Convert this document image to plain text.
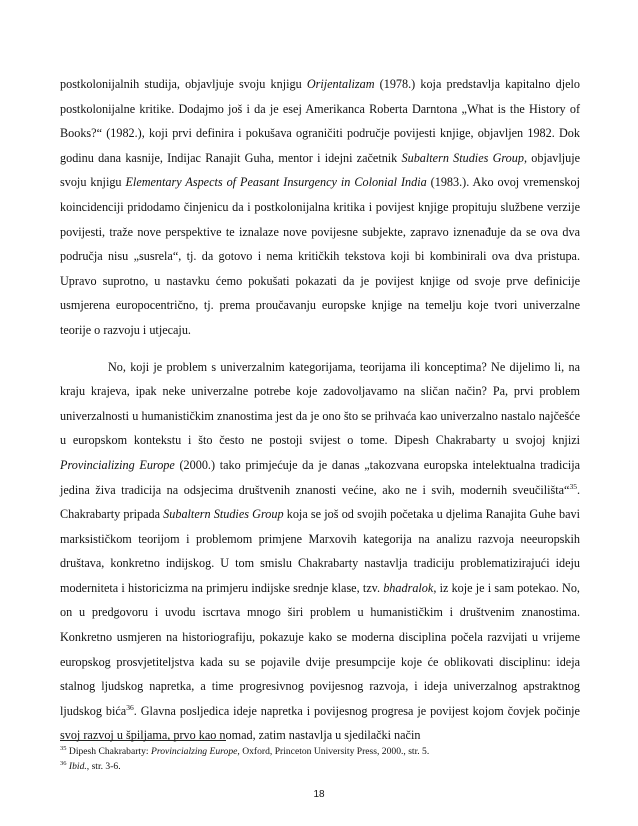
postkolonijalnih studija, objavljuje svoju knjigu Orijentalizam (1978.) koja predstavlja kapitalno djelo postkolonijalne kritike. Dodajmo još i da je esej Amerikanca Roberta Darntona „What is the History of Books?“ (1982.), koji prvi definira i pokušava ograničiti područje povijesti knjige, objavljen 1982. Dok godinu dana kasnije, Indijac Ranajit Guha, mentor i idejni začetnik Subaltern Studies Group, objavljuje svoju knjigu Elementary Aspects of Peasant Insurgency in Colonial India (1983.). Ako ovoj vremenskoj koincidenciji pridodamo činjenicu da i postkolonijalna kritika i povijest knjige propituju službene verzije povijesti, traže nove perspektive te iznalaze nove povijesne subjekte, zapravo iznenađuje da se ova dva područja nisu „susrela“, tj. da gotovo i nema kritičkih tekstova koji bi kombinirali ova dva pristupa. Upravo suprotno, u nastavku ćemo pokušati pokazati da je povijest knjige od svoje prve definicije usmjerena europocentrično, tj. prema proučavanju europske knjige na temelju koje tvori univerzalne teorije o razvoju i utjecaju.

No, koji je problem s univerzalnim kategorijama, teorijama ili konceptima? Ne dijelimo li, na kraju krajeva, ipak neke univerzalne potrebe koje zadovoljavamo na sličan način? Pa, prvi problem univerzalnosti u humanističkim znanostima jest da je ono što se prihvaća kao univerzalno nastalo najčešće u europskom kontekstu i što često ne postoji svijest o tome. Dipesh Chakrabarty u svojoj knjizi Provincializing Europe (2000.) tako primjećuje da je danas „takozvana europska intelektualna tradicija jedina živa tradicija na odsjecima društvenih znanosti većine, ako ne i svih, modernih sveučilišta“$^{35}$. Chakrabarty pripada Subaltern Studies Group koja se još od svojih početaka u djelima Ranajita Guhe bavi marksističkom teorijom i problemom primjene Marxovih kategorija na analizu razvoja neeuropskih društava, konkretno indijskog. U tom smislu Chakrabarty nastavlja tradiciju problematizirajući ideju moderniteta i historicizma na primjeru indijske srednje klase, tzv. bhadralok, iz koje je i sam potekao. No, on u predgovoru i uvodu iscrtava mnogo širi problem u humanističkim i društvenim znanostima. Konkretno usmjeren na historiografiju, pokazuje kako se moderna disciplina počela razvijati u vrijeme europskog prosvjetiteljstva kada su se pojavile dvije presumpcije koje će oblikovati disciplinu: ideja stalnog ljudskog napretka, a time progresivnog povijesnog razvoja, i ideja univerzalnog apstraktnog ljudskog bića$^{36}$. Glavna posljedica ideje napretka i povijesnog progresa je povijest kojom čovjek počinje svoj razvoj u špiljama, prvo kao nomad, zatim nastavlja u sjedilački način

$^{35}$ Dipesh Chakrabarty: Provincialzing Europe, Oxford, Princeton University Press, 2000., str. 5.
$^{36}$ Ibid., str. 3-6.
18
